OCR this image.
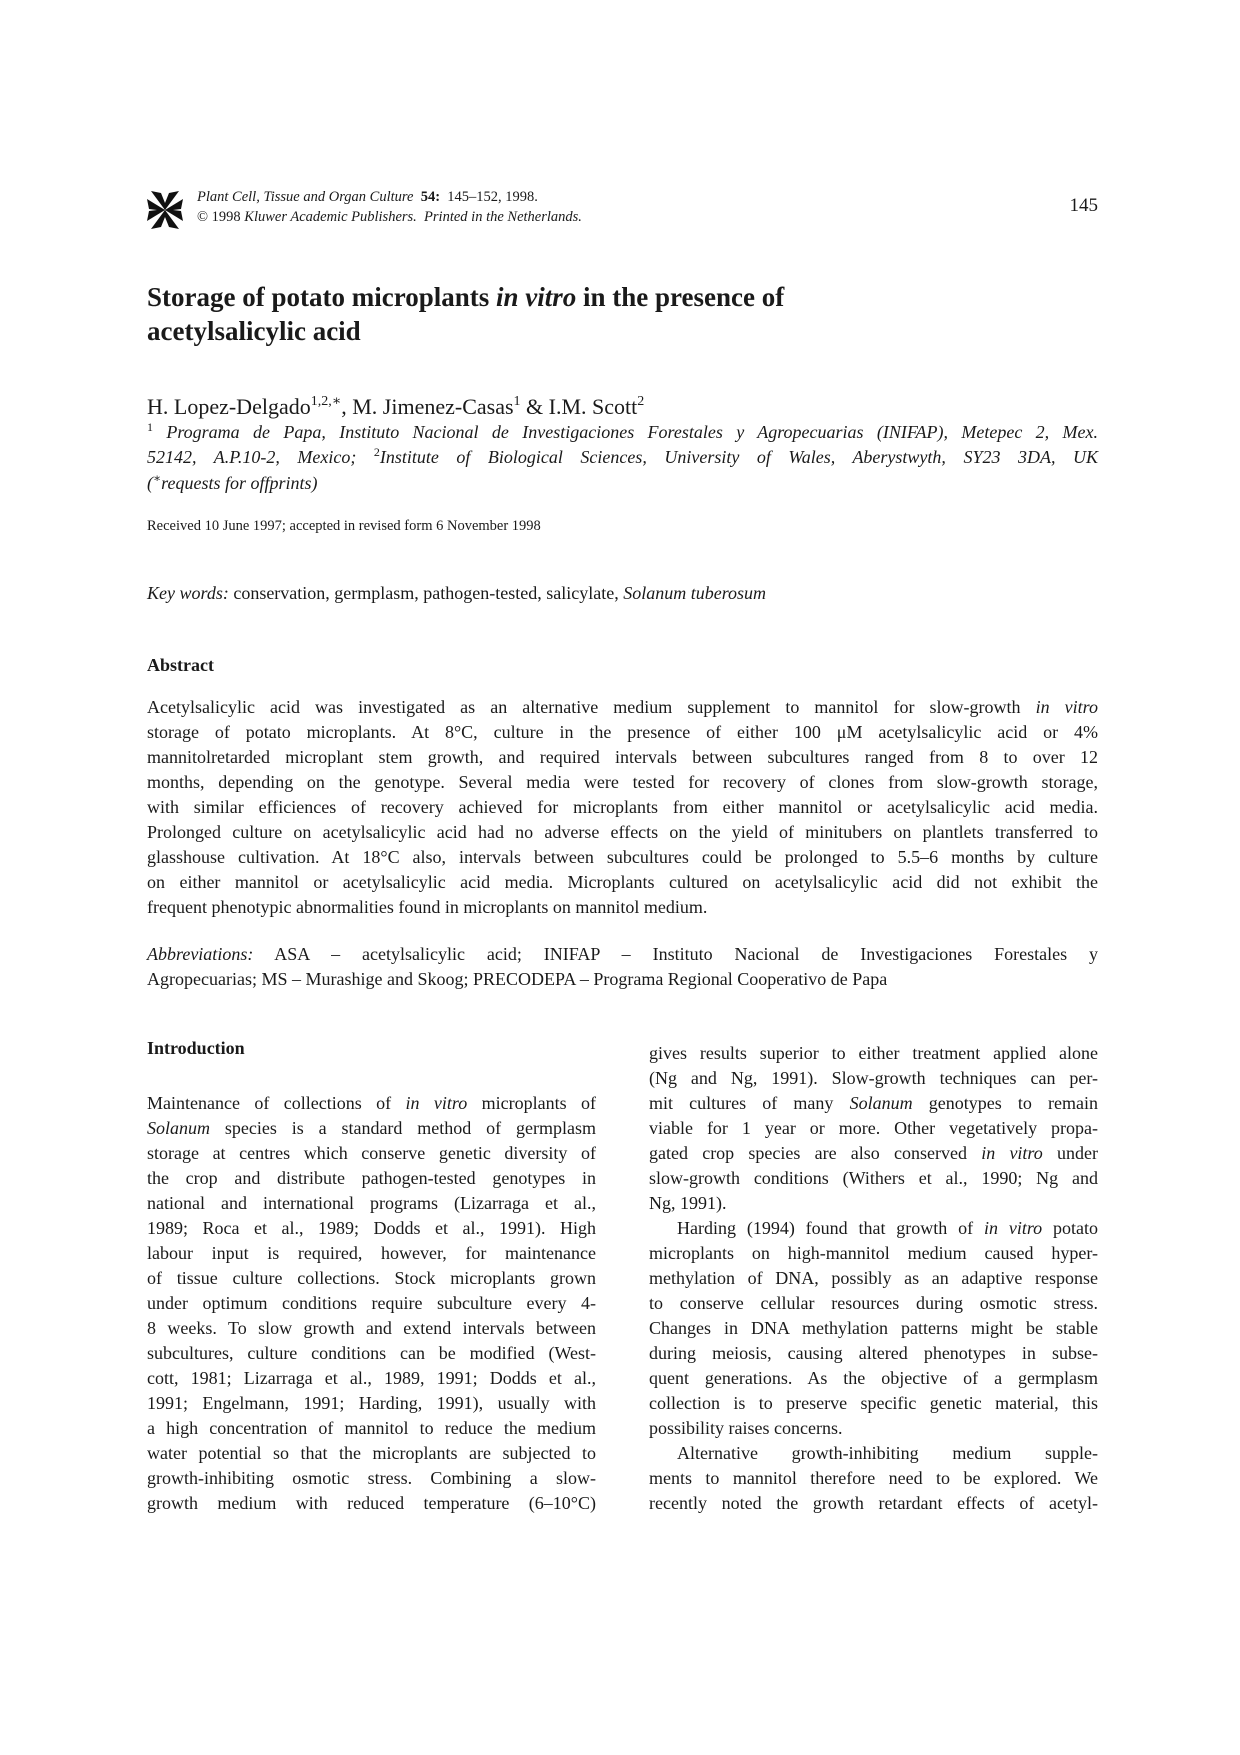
Plant Cell, Tissue and Organ Culture 54: 145–152, 1998.
© 1998 Kluwer Academic Publishers. Printed in the Netherlands.
145
Storage of potato microplants in vitro in the presence of
acetylsalicylic acid
H. Lopez-Delgado$^{1,2,∗}$, M. Jimenez-Casas$^1$ & I.M. Scott$^2$
$^1$ Programa de Papa, Instituto Nacional de Investigaciones Forestales y Agropecuarias (INIFAP), Metepec 2, Mex.
52142, A.P.10-2, Mexico; $^2$Institute of Biological Sciences, University of Wales, Aberystwyth, SY23 3DA, UK
(∗requests for offprints)
Received 10 June 1997; accepted in revised form 6 November 1998
Key words: conservation, germplasm, pathogen-tested, salicylate, Solanum tuberosum
Abstract
Acetylsalicylic acid was investigated as an alternative medium supplement to mannitol for slow-growth in vitro
storage of potato microplants. At 8°C, culture in the presence of either 100 μM acetylsalicylic acid or 4%
mannitolretarded microplant stem growth, and required intervals between subcultures ranged from 8 to over 12
months, depending on the genotype. Several media were tested for recovery of clones from slow-growth storage,
with similar efficiences of recovery achieved for microplants from either mannitol or acetylsalicylic acid media.
Prolonged culture on acetylsalicylic acid had no adverse effects on the yield of minitubers on plantlets transferred to
glasshouse cultivation. At 18°C also, intervals between subcultures could be prolonged to 5.5–6 months by culture
on either mannitol or acetylsalicylic acid media. Microplants cultured on acetylsalicylic acid did not exhibit the
frequent phenotypic abnormalities found in microplants on mannitol medium.
Abbreviations: ASA – acetylsalicylic acid; INIFAP – Instituto Nacional de Investigaciones Forestales y
Agropecuarias; MS – Murashige and Skoog; PRECODEPA – Programa Regional Cooperativo de Papa
Introduction
Maintenance of collections of in vitro microplants of
Solanum species is a standard method of germplasm
storage at centres which conserve genetic diversity of
the crop and distribute pathogen-tested genotypes in
national and international programs (Lizarraga et al.,
1989; Roca et al., 1989; Dodds et al., 1991). High
labour input is required, however, for maintenance
of tissue culture collections. Stock microplants grown
under optimum conditions require subculture every 4-
8 weeks. To slow growth and extend intervals between
subcultures, culture conditions can be modified (West-
cott, 1981; Lizarraga et al., 1989, 1991; Dodds et al.,
1991; Engelmann, 1991; Harding, 1991), usually with
a high concentration of mannitol to reduce the medium
water potential so that the microplants are subjected to
growth-inhibiting osmotic stress. Combining a slow-
growth medium with reduced temperature (6–10°C)
gives results superior to either treatment applied alone
(Ng and Ng, 1991). Slow-growth techniques can per-
mit cultures of many Solanum genotypes to remain
viable for 1 year or more. Other vegetatively propa-
gated crop species are also conserved in vitro under
slow-growth conditions (Withers et al., 1990; Ng and
Ng, 1991).
Harding (1994) found that growth of in vitro potato
microplants on high-mannitol medium caused hyper-
methylation of DNA, possibly as an adaptive response
to conserve cellular resources during osmotic stress.
Changes in DNA methylation patterns might be stable
during meiosis, causing altered phenotypes in subse-
quent generations. As the objective of a germplasm
collection is to preserve specific genetic material, this
possibility raises concerns.
Alternative growth-inhibiting medium supple-
ments to mannitol therefore need to be explored. We
recently noted the growth retardant effects of acetyl-
